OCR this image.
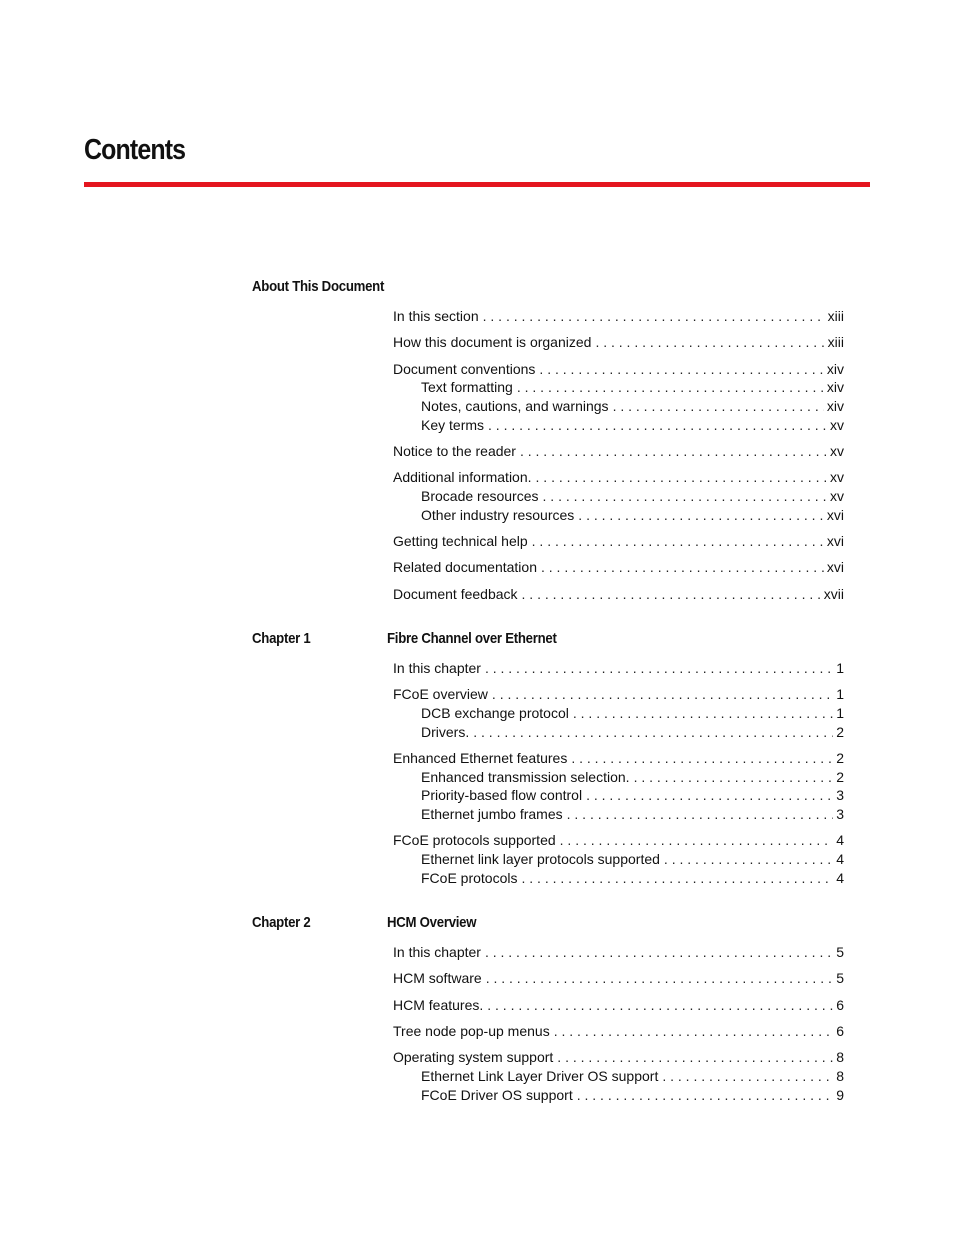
Contents
About This Document
In this section . . .	xiii
How this document is organized . . .	xiii
Document conventions . . .	xiv
Text formatting . . .	xiv
Notes, cautions, and warnings . . .	xiv
Key terms . . .	xv
Notice to the reader . . .	xv
Additional information. . . .	xv
Brocade resources . . .	xv
Other industry resources . . .	xvi
Getting technical help . . .	xvi
Related documentation . . .	xvi
Document feedback . . .	xvii
Chapter 1	Fibre Channel over Ethernet
In this chapter . . .	1
FCoE overview . . .	1
DCB exchange protocol . . .	1
Drivers. . . .	2
Enhanced Ethernet features . . .	2
Enhanced transmission selection. . . .	2
Priority-based flow control . . .	3
Ethernet jumbo frames . . .	3
FCoE protocols supported . . .	4
Ethernet link layer protocols supported . . .	4
FCoE protocols . . .	4
Chapter 2	HCM Overview
In this chapter . . .	5
HCM software . . .	5
HCM features. . . .	6
Tree node pop-up menus . . .	6
Operating system support . . .	8
Ethernet Link Layer Driver OS support . . .	8
FCoE Driver OS support . . .	9
